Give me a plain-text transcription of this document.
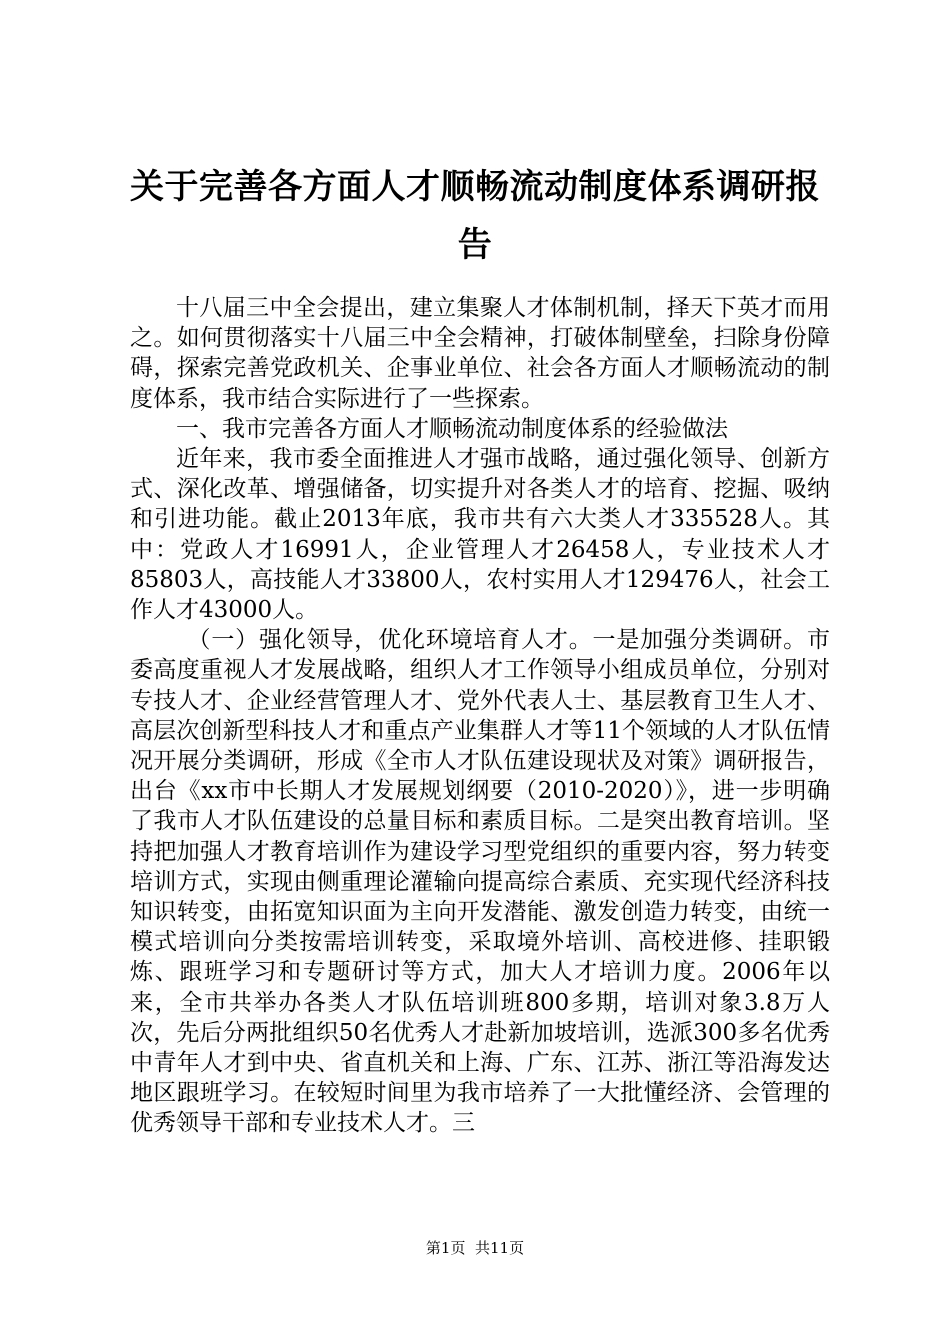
关于完善各方面人才顺畅流动制度体系调研报告

十八届三中全会提出，建立集聚人才体制机制，择天下英才而用之。如何贯彻落实十八届三中全会精神，打破体制壁垒，扫除身份障碍，探索完善党政机关、企事业单位、社会各方面人才顺畅流动的制度体系，我市结合实际进行了一些探索。

一、我市完善各方面人才顺畅流动制度体系的经验做法

近年来，我市委全面推进人才强市战略，通过强化领导、创新方式、深化改革、增强储备，切实提升对各类人才的培育、挖掘、吸纳和引进功能。截止2013年底，我市共有六大类人才335528人。其中：党政人才16991人，企业管理人才26458人，专业技术人才85803人，高技能人才33800人，农村实用人才129476人，社会工作人才43000人。

（一）强化领导，优化环境培育人才。一是加强分类调研。市委高度重视人才发展战略，组织人才工作领导小组成员单位，分别对专技人才、企业经营管理人才、党外代表人士、基层教育卫生人才、高层次创新型科技人才和重点产业集群人才等11个领域的人才队伍情况开展分类调研，形成《全市人才队伍建设现状及对策》调研报告，出台《xx市中长期人才发展规划纲要（2010-2020）》，进一步明确了我市人才队伍建设的总量目标和素质目标。二是突出教育培训。坚持把加强人才教育培训作为建设学习型党组织的重要内容，努力转变培训方式，实现由侧重理论灌输向提高综合素质、充实现代经济科技知识转变，由拓宽知识面为主向开发潜能、激发创造力转变，由统一模式培训向分类按需培训转变，采取境外培训、高校进修、挂职锻炼、跟班学习和专题研讨等方式，加大人才培训力度。2006年以来，全市共举办各类人才队伍培训班800多期，培训对象3.8万人次，先后分两批组织50名优秀人才赴新加坡培训，选派300多名优秀中青年人才到中央、省直机关和上海、广东、江苏、浙江等沿海发达地区跟班学习。在较短时间里为我市培养了一大批懂经济、会管理的优秀领导干部和专业技术人才。三

第1页 共11页
